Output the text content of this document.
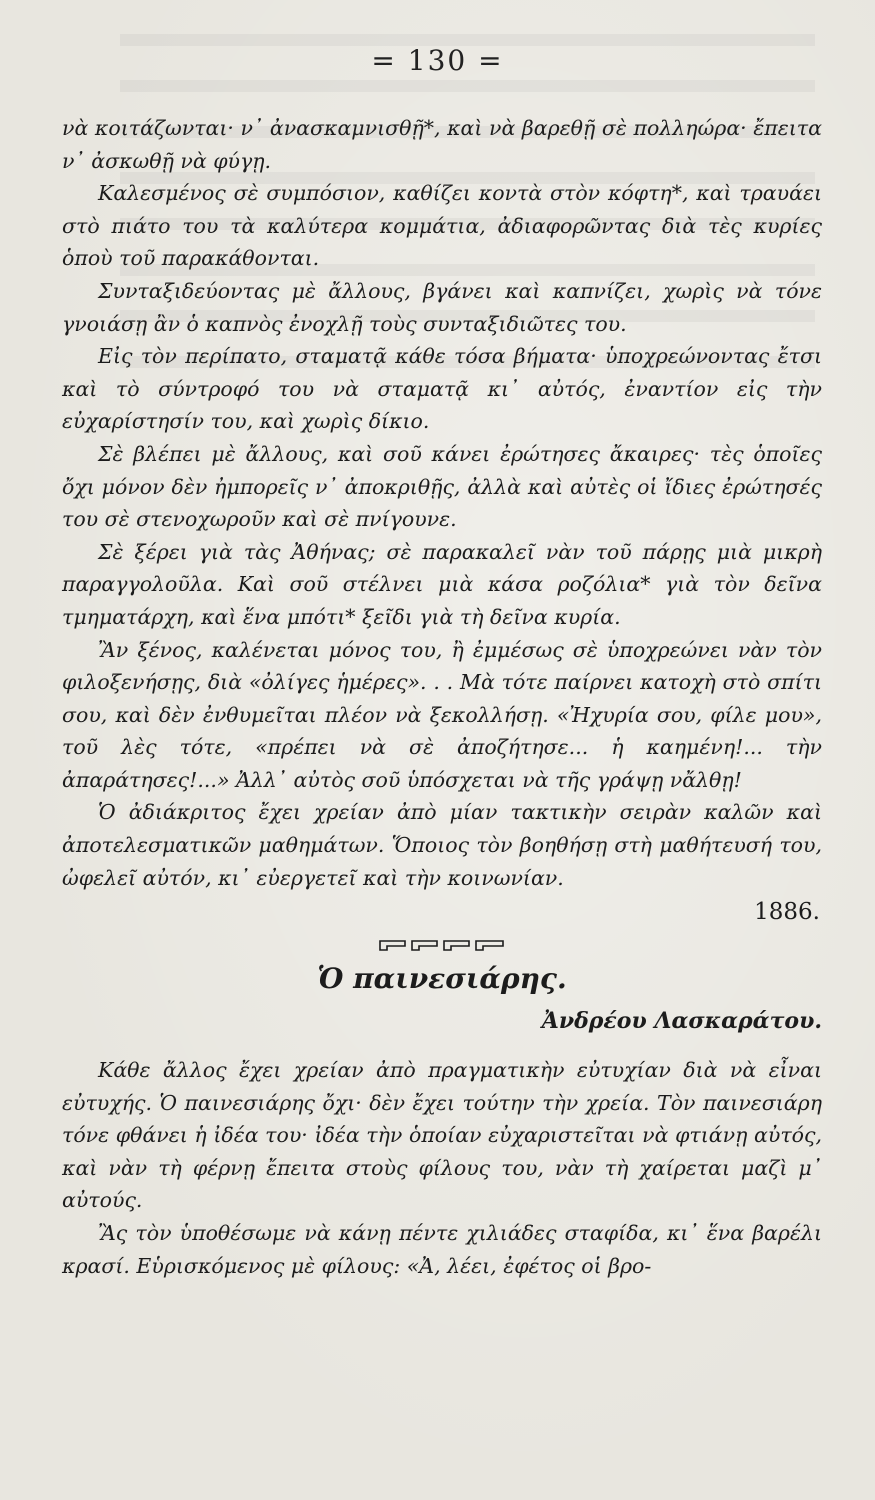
= 130 =

νὰ κοιτάζωνται· ν᾽ ἀνασκαμνισθῇ*, καὶ νὰ βαρεθῇ σὲ πολληώρα· ἔπειτα ν᾽ ἀσκωθῇ νὰ φύγῃ.

Καλεσμένος σὲ συμπόσιον, καθίζει κοντὰ στὸν κόφτη*, καὶ τραυάει στὸ πιάτο του τὰ καλύτερα κομμάτια, ἀδιαφορῶντας διὰ τὲς κυρίες ὁποὺ τοῦ παρακάθονται.

Συνταξιδεύοντας μὲ ἄλλους, βγάνει καὶ καπνίζει, χωρὶς νὰ τόνε γνοιάσῃ ἂν ὁ καπνὸς ἐνοχλῇ τοὺς συνταξιδιῶτες του.

Εἰς τὸν περίπατο, σταματᾷ κάθε τόσα βήματα· ὑποχρεώνοντας ἔτσι καὶ τὸ σύντροφό του νὰ σταματᾷ κι᾽ αὐτός, ἐναντίον εἰς τὴν εὐχαρίστησίν του, καὶ χωρὶς δίκιο.

Σὲ βλέπει μὲ ἄλλους, καὶ σοῦ κάνει ἐρώτησες ἄκαιρες· τὲς ὁποῖες ὄχι μόνον δὲν ἠμπορεῖς ν᾽ ἀποκριθῇς, ἀλλὰ καὶ αὐτὲς οἱ ἴδιες ἐρώτησές του σὲ στενοχωροῦν καὶ σὲ πνίγουνε.

Σὲ ξέρει γιὰ τὰς Ἀθήνας; σὲ παρακαλεῖ νὰν τοῦ πάρῃς μιὰ μικρὴ παραγγολοῦλα. Καὶ σοῦ στέλνει μιὰ κάσα ροζόλια* γιὰ τὸν δεῖνα τμηματάρχη, καὶ ἕνα μπότι* ξεῖδι γιὰ τὴ δεῖνα κυρία.

Ἂν ξένος, καλένεται μόνος του, ἢ ἐμμέσως σὲ ὑποχρεώνει νὰν τὸν φιλοξενήσῃς, διὰ «ὀλίγες ἡμέρες». . . Μὰ τότε παίρνει κατοχὴ στὸ σπίτι σου, καὶ δὲν ἐνθυμεῖται πλέον νὰ ξεκολλήσῃ. «Ἠχυρία σου, φίλε μου», τοῦ λὲς τότε, «πρέπει νὰ σὲ ἀποζήτησε... ἡ καημένη!... τὴν ἀπαράτησες!...» Ἀλλ᾽ αὐτὸς σοῦ ὑπόσχεται νὰ τῆς γράψῃ νἄλθῃ!

Ὁ ἀδιάκριτος ἔχει χρείαν ἀπὸ μίαν τακτικὴν σειρὰν καλῶν καὶ ἀποτελεσματικῶν μαθημάτων. Ὅποιος τὸν βοηθήσῃ στὴ μαθήτευσή του, ὠφελεῖ αὐτόν, κι᾽ εὐεργετεῖ καὶ τὴν κοινωνίαν.

1886.
Ὁ παινεσιάρης.
Ἀνδρέου Λασκαράτου.

Κάθε ἄλλος ἔχει χρείαν ἀπὸ πραγματικὴν εὐτυχίαν διὰ νὰ εἶναι εὐτυχής. Ὁ παινεσιάρης ὄχι· δὲν ἔχει τούτην τὴν χρεία. Τὸν παινεσιάρη τόνε φθάνει ἡ ἰδέα του· ἰδέα τὴν ὁποίαν εὐχαριστεῖται νὰ φτιάνῃ αὐτός, καὶ νὰν τὴ φέρνῃ ἔπειτα στοὺς φίλους του, νὰν τὴ χαίρεται μαζὶ μ᾽ αὐτούς.

Ἂς τὸν ὑποθέσωμε νὰ κάνῃ πέντε χιλιάδες σταφίδα, κι᾽ ἕνα βαρέλι κρασί. Εὑρισκόμενος μὲ φίλους: «Ἀ, λέει, ἐφέτος οἱ βρο-
